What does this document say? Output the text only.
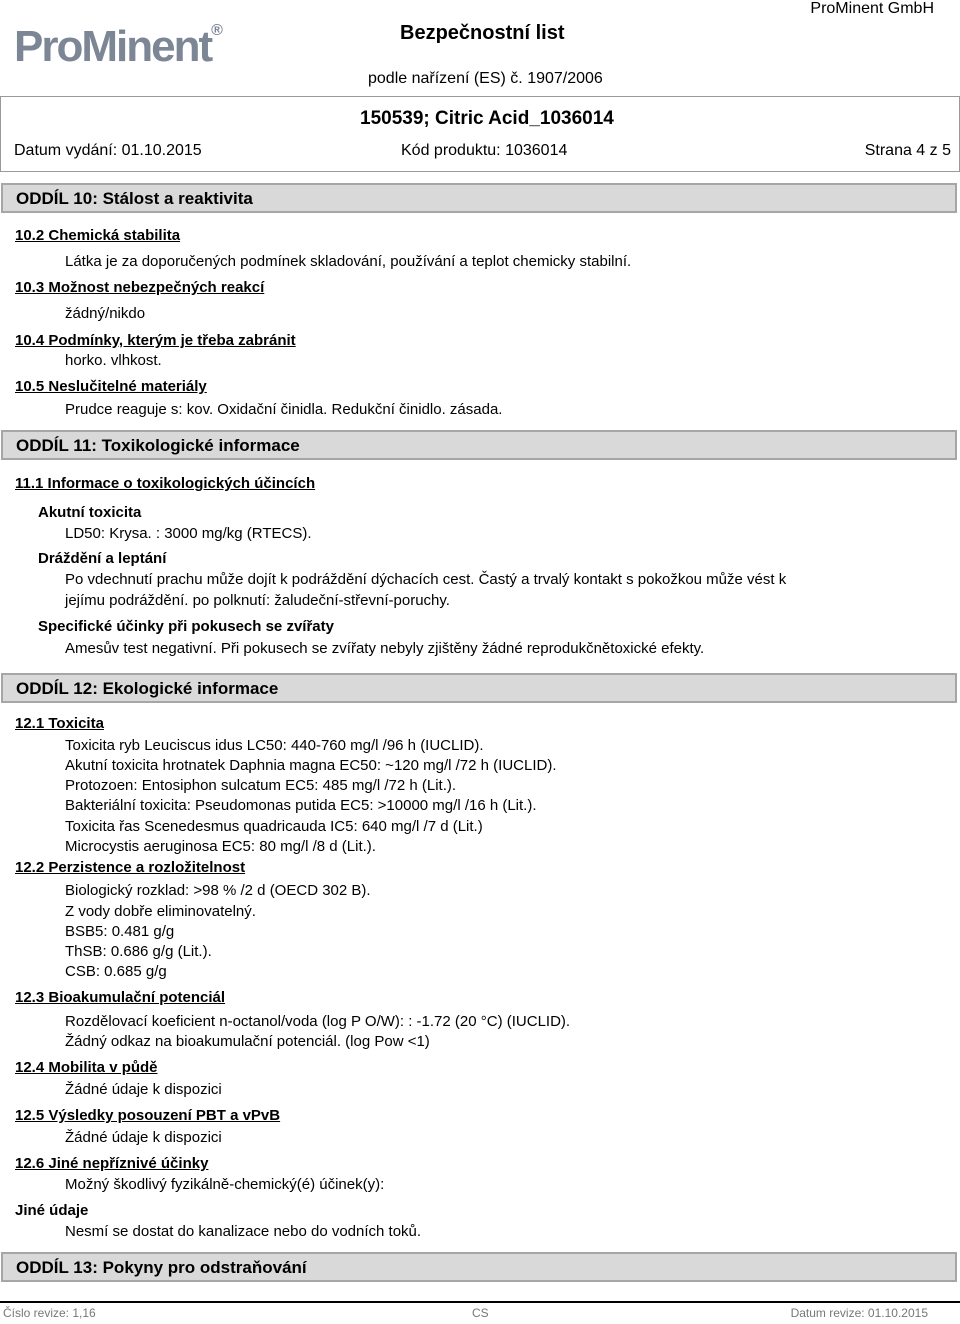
ProMinent®
ProMinent GmbH
Bezpečnostní list
podle nařízení (ES) č. 1907/2006
150539; Citric Acid_1036014
Datum vydání: 01.10.2015	Kód produktu: 1036014	Strana 4 z 5
ODDÍL 10: Stálost a reaktivita
10.2 Chemická stabilita
Látka je za doporučených podmínek skladování, používání a teplot chemicky stabilní.
10.3 Možnost nebezpečných reakcí
žádný/nikdo
10.4 Podmínky, kterým je třeba zabránit
horko. vlhkost.
10.5 Neslučitelné materiály
Prudce reaguje s: kov. Oxidační činidla. Redukční činidlo. zásada.
ODDÍL 11: Toxikologické informace
11.1 Informace o toxikologických účincích
Akutní toxicita
LD50: Krysa. : 3000 mg/kg (RTECS).
Dráždění a leptání
Po vdechnutí prachu může dojít k podráždění dýchacích cest. Častý a trvalý kontakt s pokožkou může vést k
jejímu podráždění. po polknutí: žaludeční-střevní-poruchy.
Specifické účinky při pokusech se zvířaty
Amesův test negativní. Při pokusech se zvířaty nebyly zjištěny žádné reprodukčnětoxické efekty.
ODDÍL 12: Ekologické informace
12.1 Toxicita
Toxicita ryb Leuciscus idus LC50: 440-760 mg/l /96 h (IUCLID).
Akutní toxicita hrotnatek Daphnia magna EC50: ~120 mg/l /72 h (IUCLID).
Protozoen: Entosiphon sulcatum EC5: 485 mg/l /72 h (Lit.).
Bakteriální toxicita: Pseudomonas putida EC5: >10000 mg/l /16 h (Lit.).
Toxicita řas Scenedesmus quadricauda IC5: 640 mg/l /7 d (Lit.)
Microcystis aeruginosa EC5: 80 mg/l /8 d (Lit.).
12.2 Perzistence a rozložitelnost
Biologický rozklad: >98 % /2 d (OECD 302 B).
Z vody dobře eliminovatelný.
BSB5: 0.481 g/g
ThSB: 0.686 g/g (Lit.).
CSB: 0.685 g/g
12.3 Bioakumulační potenciál
Rozdělovací koeficient n-octanol/voda (log P O/W): : -1.72 (20 °C) (IUCLID).
Žádný odkaz na bioakumulační potenciál. (log Pow <1)
12.4 Mobilita v půdě
Žádné údaje k dispozici
12.5 Výsledky posouzení PBT a vPvB
Žádné údaje k dispozici
12.6 Jiné nepříznivé účinky
Možný škodlivý fyzikálně-chemický(é) účinek(y):
Jiné údaje
Nesmí se dostat do kanalizace nebo do vodních toků.
ODDÍL 13: Pokyny pro odstraňování
Číslo revize: 1,16	CS	Datum revize: 01.10.2015
